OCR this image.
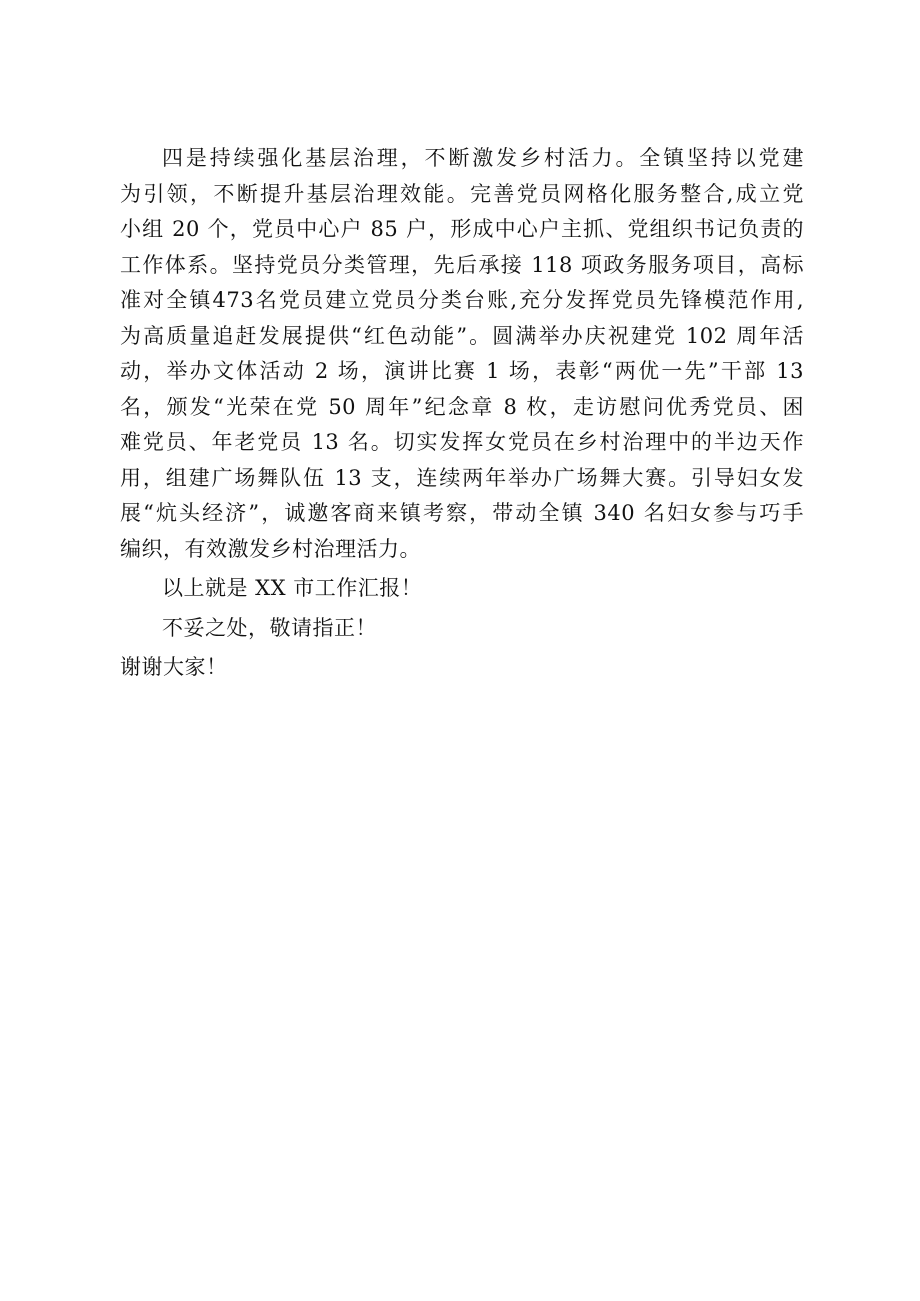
四是持续强化基层治理，不断激发乡村活力。全镇坚持以党建
为引领，不断提升基层治理效能。完善党员网格化服务整合,成立党
小组 20 个，党员中心户 85 户，形成中心户主抓、党组织书记负责的
工作体系。坚持党员分类管理，先后承接 118 项政务服务项目，高标
准对全镇473名党员建立党员分类台账,充分发挥党员先锋模范作用,
为高质量追赶发展提供“红色动能”。圆满举办庆祝建党 102 周年活
动，举办文体活动 2 场，演讲比赛 1 场，表彰“两优一先”干部 13
名，颁发“光荣在党 50 周年”纪念章 8 枚，走访慰问优秀党员、困
难党员、年老党员 13 名。切实发挥女党员在乡村治理中的半边天作
用，组建广场舞队伍 13 支，连续两年举办广场舞大赛。引导妇女发
展“炕头经济”，诚邀客商来镇考察，带动全镇 340 名妇女参与巧手
编织，有效激发乡村治理活力。

以上就是 XX 市工作汇报！

不妥之处，敬请指正！

谢谢大家！
